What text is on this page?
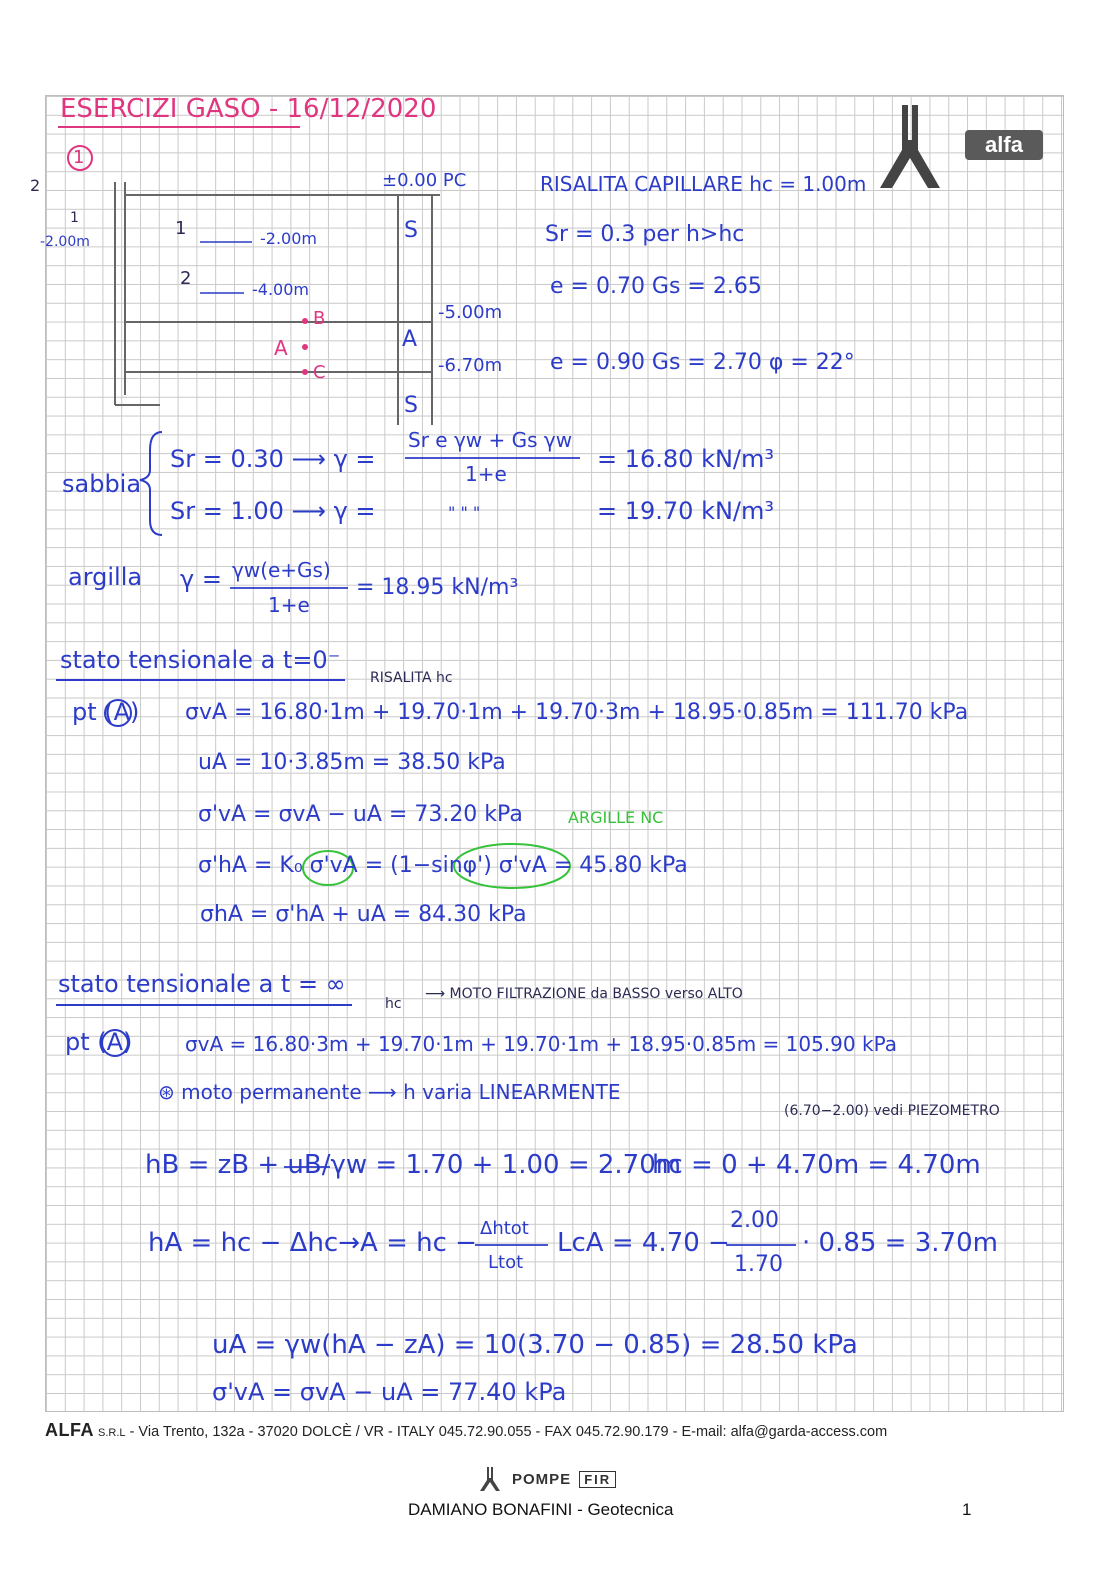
ESERCIZI GASO - 16/12/2020
1
alfa
2
1
-2.00m
1	-2.00m
2
-4.00m
±0.00 PC
S
A
S
-5.00m
-6.70m
A
B
C
RISALITA CAPILLARE hc = 1.00m
Sr = 0.3 per h>hc
e = 0.70 Gs = 2.65
e = 0.90 Gs = 2.70 φ = 22°
sabbia
Sr = 0.30 ⟶ γ =
Sr e γw + Gs γw
1+e
= 16.80 kN/m³
Sr = 1.00 ⟶ γ =	" " "	= 19.70 kN/m³
argilla γ = γw(e+Gs)
1+e
= 18.95 kN/m³
stato tensionale a t=0⁻
RISALITA hc
pt (A) σvA = 16.80·1m + 19.70·1m + 19.70·3m + 18.95·0.85m = 111.70 kPa
uA = 10·3.85m = 38.50 kPa
σ'vA = σvA − uA = 73.20 kPa	ARGILLE NC
σ'hA = K₀ σ'vA = (1−sinφ') σ'vA = 45.80 kPa
σhA = σ'hA + uA = 84.30 kPa
stato tensionale a t = ∞
hc
⟶ MOTO FILTRAZIONE da BASSO verso ALTO
pt (A)	σvA = 16.80·3m + 19.70·1m + 19.70·1m + 18.95·0.85m = 105.90 kPa
⊛ moto permanente ⟶ h varia LINEARMENTE
(6.70−2.00) vedi PIEZOMETRO
hB = zB + uB/γw = 1.70 + 1.00 = 2.70m
hc = 0 + 4.70m = 4.70m
hA = hc − Δhc→A = hc − Δhtot
Ltot
LcA = 4.70 −
2.00
1.70
· 0.85 = 3.70m
uA = γw(hA − zA) = 10(3.70 − 0.85) = 28.50 kPa
σ'vA = σvA − uA = 77.40 kPa
ALFA S.R.L - Via Trento, 132a - 37020 DOLCÈ / VR - ITALY 045.72.90.055 - FAX 045.72.90.179 - E-mail: alfa@garda-access.com
POMPE	FIR
DAMIANO BONAFINI - Geotecnica	1
